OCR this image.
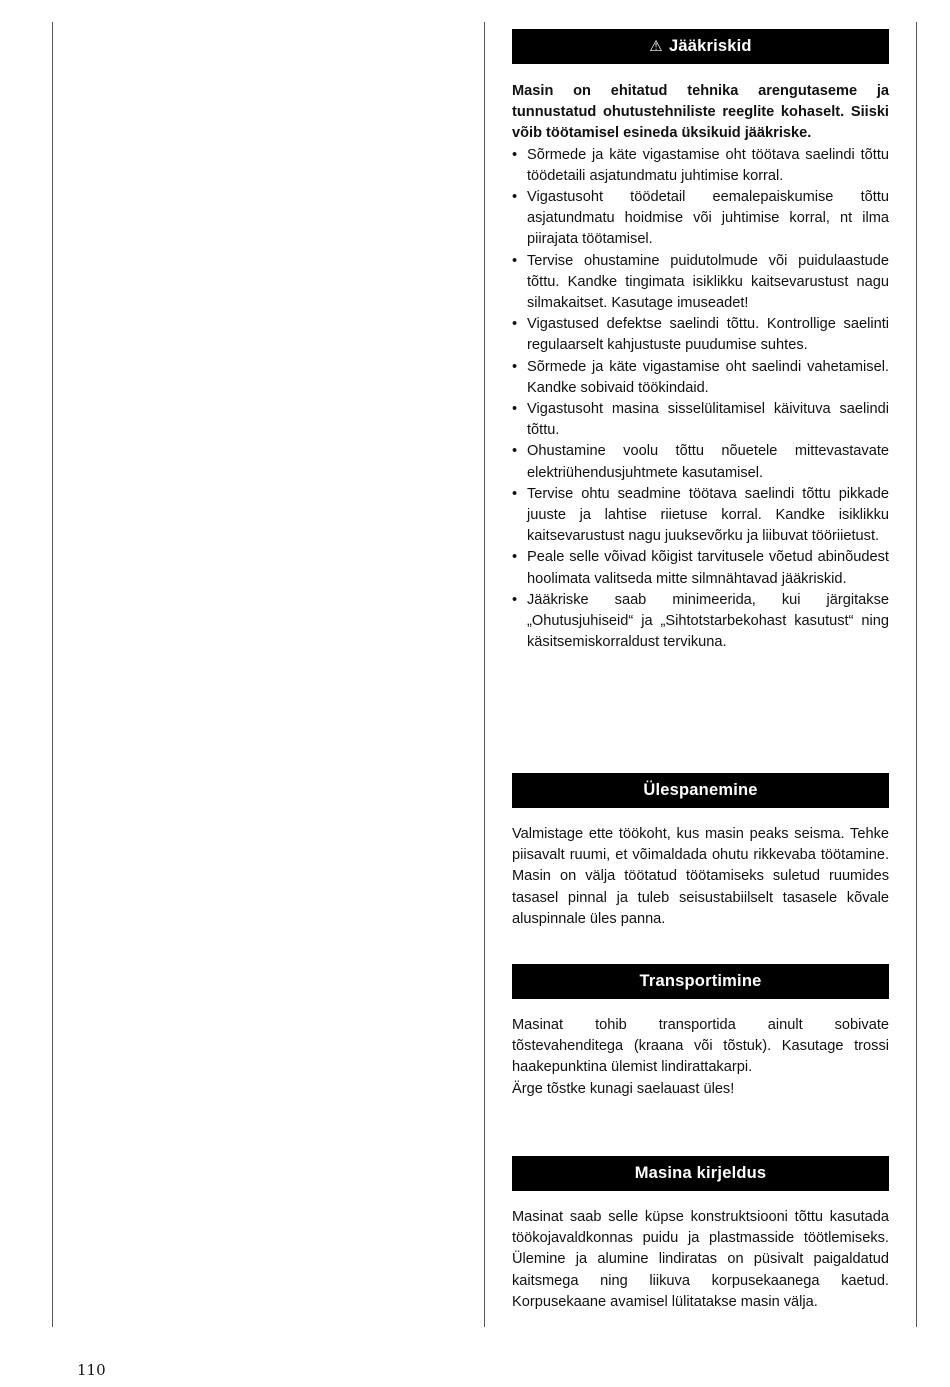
⚠ Jääkriskid

Masin on ehitatud tehnika arengutaseme ja tunnustatud ohutustehniliste reeglite kohaselt. Siiski võib töötamisel esineda üksikuid jääkriske.

• Sõrmede ja käte vigastamise oht töötava saelindi tõttu töödetaili asjatundmatu juhtimise korral.
• Vigastusoht töödetail eemalepaiskumise tõttu asjatundmatu hoidmise või juhtimise korral, nt ilma piirajata töötamisel.
• Tervise ohustamine puidutolmude või puidulaastude tõttu. Kandke tingimata isiklikku kaitsevarustust nagu silmakaitset. Kasutage imuseadet!
• Vigastused defektse saelindi tõttu. Kontrollige saelinti regulaarselt kahjustuste puudumise suhtes.
• Sõrmede ja käte vigastamise oht saelindi vahetamisel. Kandke sobivaid töökindaid.
• Vigastusoht masina sisselülitamisel käivituva saelindi tõttu.
• Ohustamine voolu tõttu nõuetele mittevastavate elektriühendusjuhtmete kasutamisel.
• Tervise ohtu seadmine töötava saelindi tõttu pikkade juuste ja lahtise riietuse korral. Kandke isiklikku kaitsevarustust nagu juuksevõrku ja liibuvat tööriietust.
• Peale selle võivad kõigist tarvitusele võetud abinõudest hoolimata valitseda mitte silmnähtavad jääkriskid.
• Jääkriske saab minimeerida, kui järgitakse „Ohutusjuhiseid“ ja „Sihtotstarbekohast kasutust“ ning käsitsemiskorraldust tervikuna.
Ülespanemine

Valmistage ette töökoht, kus masin peaks seisma. Tehke piisavalt ruumi, et võimaldada ohutu rikkevaba töötamine. Masin on välja töötatud töötamiseks suletud ruumides tasasel pinnal ja tuleb seisustabiilselt tasasele kõvale aluspinnale üles panna.

Transportimine

Masinat tohib transportida ainult sobivate tõstevahenditega (kraana või tõstuk). Kasutage trossi haakepunktina ülemist lindirattakarpi.

Ärge tõstke kunagi saelauast üles!

Masina kirjeldus

Masinat saab selle küpse konstruktsiooni tõttu kasutada töökojavaldkonnas puidu ja plastmasside töötlemiseks. Ülemine ja alumine lindiratas on püsivalt paigaldatud kaitsmega ning liikuva korpusekaanega kaetud. Korpusekaane avamisel lülitatakse masin välja.

110
